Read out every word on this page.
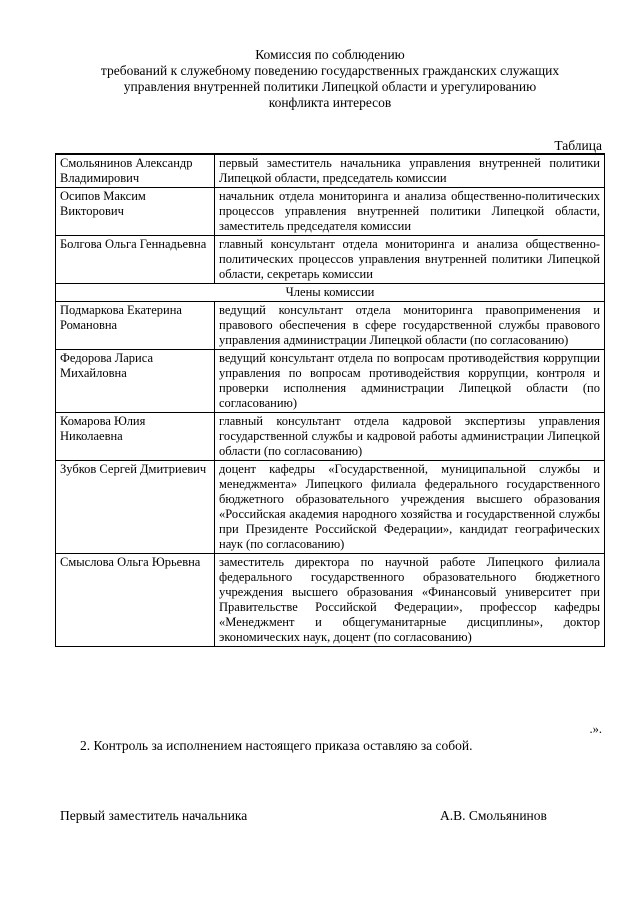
Комиссия по соблюдению
требований к служебному поведению государственных гражданских служащих
управления внутренней политики Липецкой области и урегулированию
конфликта интересов
Таблица
Смольянинов Александр Владимирович	первый заместитель начальника управления внутренней политики Липецкой области, председатель комиссии
Осипов Максим Викторович	начальник отдела мониторинга и анализа общественно-политических процессов управления внутренней политики Липецкой области, заместитель председателя комиссии
Болгова Ольга Геннадьевна	главный консультант отдела мониторинга и анализа общественно-политических процессов управления внутренней политики Липецкой области, секретарь комиссии
Члены комиссии	
Подмаркова Екатерина Романовна	ведущий консультант отдела мониторинга правоприменения и правового обеспечения в сфере государственной службы правового управления администрации Липецкой области (по согласованию)
Федорова Лариса Михайловна	ведущий консультант отдела по вопросам противодействия коррупции управления по вопросам противодействия коррупции, контроля и проверки исполнения администрации Липецкой области (по согласованию)
Комарова Юлия Николаевна	главный консультант отдела кадровой экспертизы управления государственной службы и кадровой работы администрации Липецкой области (по согласованию)
Зубков Сергей Дмитриевич	доцент кафедры «Государственной, муниципальной службы и менеджмента» Липецкого филиала федерального государственного бюджетного образовательного учреждения высшего образования «Российская академия народного хозяйства и государственной службы при Президенте Российской Федерации», кандидат географических наук (по согласованию)
Смыслова Ольга Юрьевна	заместитель директора по научной работе Липецкого филиала федерального государственного образовательного бюджетного учреждения высшего образования «Финансовый университет при Правительстве Российской Федерации», профессор кафедры «Менеджмент и общегуманитарные дисциплины», доктор экономических наук, доцент (по согласованию)
.».
2. Контроль за исполнением настоящего приказа оставляю за собой.
Первый заместитель начальника	А.В. Смольянинов
